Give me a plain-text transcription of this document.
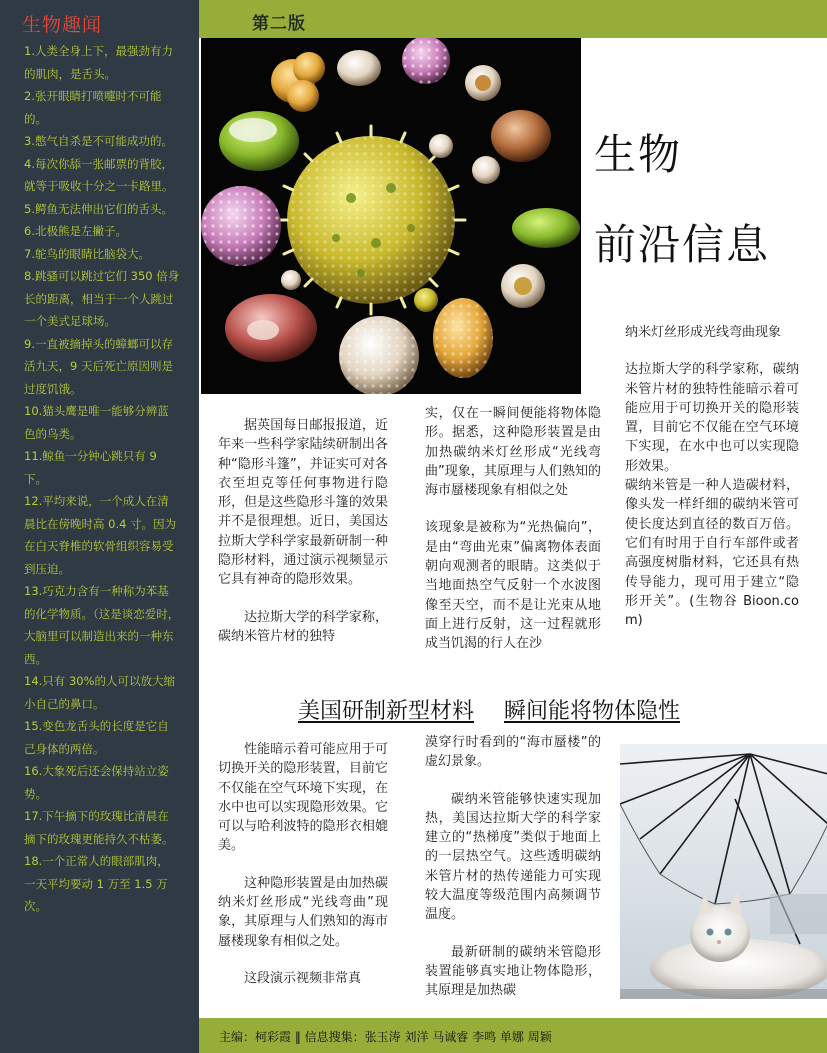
生物趣闻
1.人类全身上下，最强劲有力的肌肉，是舌头。
2.张开眼睛打喷嚏时不可能的。
3.憋气自杀是不可能成功的。
4.每次你舔一张邮票的背胶，就等于吸收十分之一卡路里。
5.鳄鱼无法伸出它们的舌头。
6.北极熊是左撇子。
7.鸵鸟的眼睛比脑袋大。
8.跳骚可以跳过它们 350 倍身长的距离，相当于一个人跳过一个美式足球场。
9.一直被摘掉头的蟑螂可以存活九天，9 天后死亡原因则是过度饥饿。
10.猫头鹰是唯一能够分辨蓝色的鸟类。
11.鲸鱼一分钟心跳只有 9 下。
12.平均来说，一个成人在清晨比在傍晚时高 0.4 寸。因为在白天脊椎的软骨组织容易受到压迫。
13.巧克力含有一种称为苯基的化学物质。（这是谈恋爱时，大脑里可以制造出来的一种东西。
14.只有 30%的人可以放大缩小自己的鼻口。
15.变色龙舌头的长度是它自己身体的两倍。
16.大象死后还会保持站立姿势。
17.下午摘下的玫瑰比清晨在摘下的玫瑰更能持久不枯萎。
18.一个正常人的眼部肌肉，一天平均要动 1 万至 1.5 万次。
第二版
生物
前沿信息

据英国每日邮报报道，近年来一些科学家陆续研制出各种“隐形斗篷”，并证实可对各衣至坦克等任何事物进行隐形，但是这些隐形斗篷的效果并不是很理想。近日，美国达拉斯大学科学家最新研制一种隐形材料，通过演示视频显示它具有神奇的隐形效果。

达拉斯大学的科学家称，碳纳米管片材的独特

实，仅在一瞬间便能将物体隐形。据悉，这种隐形装置是由加热碳纳米灯丝形成“光线弯曲”现象，其原理与人们熟知的海市蜃楼现象有相似之处

该现象是被称为“光热偏向”，是由“弯曲光束”偏离物体表面朝向观测者的眼睛。这类似于当地面热空气反射一个水波图像至天空，而不是让光束从地面上进行反射，这一过程就形成当饥渴的行人在沙

纳米灯丝形成光线弯曲现象

达拉斯大学的科学家称，碳纳米管片材的独特性能暗示着可能应用于可切换开关的隐形装置，目前它不仅能在空气环境下实现，在水中也可以实现隐形效果。

碳纳米管是一种人造碳材料，像头发一样纤细的碳纳米管可使长度达到直径的数百万倍。它们有时用于自行车部件或者高强度树脂材料，它还具有热传导能力，现可用于建立“隐形开关”。(生物谷 Bioon.com)

美国研制新型材料 瞬间能将物体隐性

性能暗示着可能应用于可切换开关的隐形装置，目前它不仅能在空气环境下实现，在水中也可以实现隐形效果。它可以与哈利波特的隐形衣相媲美。

这种隐形装置是由加热碳纳米灯丝形成“光线弯曲”现象，其原理与人们熟知的海市蜃楼现象有相似之处。

这段演示视频非常真

漠穿行时看到的“海市蜃楼”的虚幻景象。

碳纳米管能够快速实现加热，美国达拉斯大学的科学家建立的“热梯度”类似于地面上的一层热空气。这些透明碳纳米管片材的热传递能力可实现较大温度等级范围内高频调节温度。

最新研制的碳纳米管隐形装置能够真实地让物体隐形，其原理是加热碳

主编：柯彩霞 ‖ 信息搜集：张玉涛 刘洋 马诚睿 李鸣 单娜 周颖
